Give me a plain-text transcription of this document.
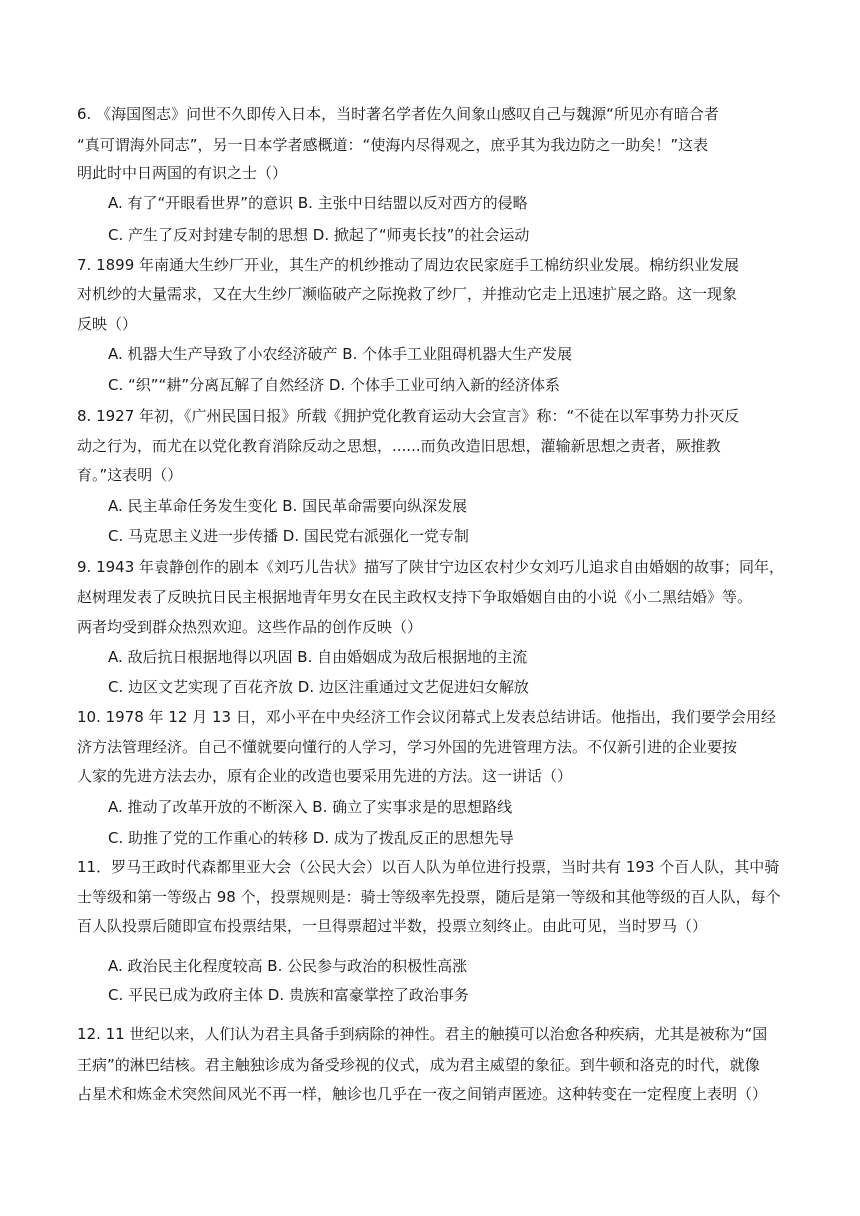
6. 《海国图志》问世不久即传入日本，当时著名学者佐久间象山感叹自己与魏源“所见亦有暗合者
“真可谓海外同志”，另一日本学者感概道：“使海内尽得观之，庶乎其为我边防之一助矣！”这表
明此时中日两国的有识之士（）
A. 有了“开眼看世界”的意识 B. 主张中日结盟以反对西方的侵略
C. 产生了反对封建专制的思想 D. 掀起了“师夷长技”的社会运动
7. 1899 年南通大生纱厂开业，其生产的机纱推动了周边农民家庭手工棉纺织业发展。棉纺织业发展
对机纱的大量需求，又在大生纱厂濒临破产之际挽救了纱厂，并推动它走上迅速扩展之路。这一现象
反映（）
A. 机器大生产导致了小农经济破产 B. 个体手工业阻碍机器大生产发展
C. “织”“耕”分离瓦解了自然经济 D. 个体手工业可纳入新的经济体系
8. 1927 年初，《广州民国日报》所载《拥护党化教育运动大会宣言》称：“不徒在以军事势力扑灭反
动之行为，而尤在以党化教育消除反动之思想，......而负改造旧思想，灌输新思想之责者，厥推教
育。”这表明（）
A. 民主革命任务发生变化 B. 国民革命需要向纵深发展
C. 马克思主义进一步传播 D. 国民党右派强化一党专制
9. 1943 年袁静创作的剧本《刘巧儿告状》描写了陕甘宁边区农村少女刘巧儿追求自由婚姻的故事；同年，
赵树理发表了反映抗日民主根据地青年男女在民主政权支持下争取婚姻自由的小说《小二黑结婚》等。
两者均受到群众热烈欢迎。这些作品的创作反映（）
A. 敌后抗日根据地得以巩固 B. 自由婚姻成为敌后根据地的主流
C. 边区文艺实现了百花齐放 D. 边区注重通过文艺促进妇女解放
10. 1978 年 12 月 13 日，邓小平在中央经济工作会议闭幕式上发表总结讲话。他指出，我们要学会用经
济方法管理经济。自己不懂就要向懂行的人学习，学习外国的先进管理方法。不仅新引进的企业要按
人家的先进方法去办，原有企业的改造也要采用先进的方法。这一讲话（）
A. 推动了改革开放的不断深入 B. 确立了实事求是的思想路线
C. 助推了党的工作重心的转移 D. 成为了拨乱反正的思想先导
11．罗马王政时代森都里亚大会（公民大会）以百人队为单位进行投票，当时共有 193 个百人队，其中骑
士等级和第一等级占 98 个，投票规则是：骑士等级率先投票，随后是第一等级和其他等级的百人队，每个
百人队投票后随即宣布投票结果，一旦得票超过半数，投票立刻终止。由此可见，当时罗马（）
A. 政治民主化程度较高 B. 公民参与政治的积极性高涨
C. 平民已成为政府主体 D. 贵族和富豪掌控了政治事务
12. 11 世纪以来，人们认为君主具备手到病除的神性。君主的触摸可以治愈各种疾病，尤其是被称为“国
王病”的淋巴结核。君主触独诊成为备受珍视的仪式，成为君主威望的象征。到牛顿和洛克的时代，就像
占星术和炼金术突然间风光不再一样，触诊也几乎在一夜之间销声匿迹。这种转变在一定程度上表明（）
